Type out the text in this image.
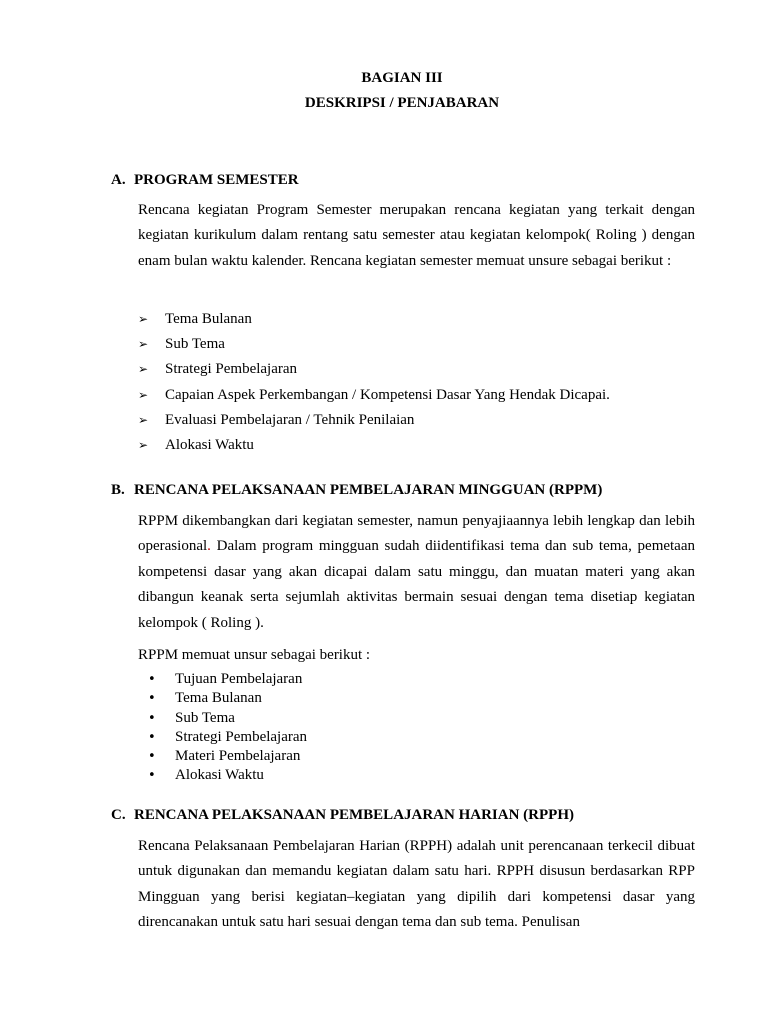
BAGIAN III
DESKRIPSI / PENJABARAN
A. PROGRAM SEMESTER
Rencana kegiatan Program Semester merupakan rencana kegiatan yang terkait dengan kegiatan kurikulum dalam rentang satu semester atau kegiatan kelompok( Roling ) dengan enam bulan waktu kalender. Rencana kegiatan semester memuat unsure sebagai berikut :
➢	Tema Bulanan
➢	Sub Tema
➢	Strategi Pembelajaran
➢	Capaian Aspek Perkembangan / Kompetensi Dasar Yang Hendak Dicapai.
➢	Evaluasi Pembelajaran / Tehnik Penilaian
➢	Alokasi Waktu
B. RENCANA PELAKSANAAN PEMBELAJARAN MINGGUAN (RPPM)
RPPM dikembangkan dari kegiatan semester, namun penyajiaannya lebih lengkap dan lebih operasional. Dalam program mingguan sudah diidentifikasi tema dan sub tema, pemetaan kompetensi dasar yang akan dicapai dalam satu minggu, dan muatan materi yang akan dibangun keanak serta sejumlah aktivitas bermain sesuai dengan tema disetiap kegiatan kelompok ( Roling ).
RPPM memuat unsur sebagai berikut :
•	Tujuan Pembelajaran
•	Tema Bulanan
•	Sub Tema
•	Strategi Pembelajaran
•	Materi Pembelajaran
•	Alokasi Waktu
C. RENCANA PELAKSANAAN PEMBELAJARAN HARIAN (RPPH)
Rencana Pelaksanaan Pembelajaran Harian (RPPH) adalah unit perencanaan terkecil dibuat untuk digunakan dan memandu kegiatan dalam satu hari. RPPH disusun berdasarkan RPP Mingguan yang berisi kegiatan–kegiatan yang dipilih dari kompetensi dasar yang direncanakan untuk satu hari sesuai dengan tema dan sub tema. Penulisan
